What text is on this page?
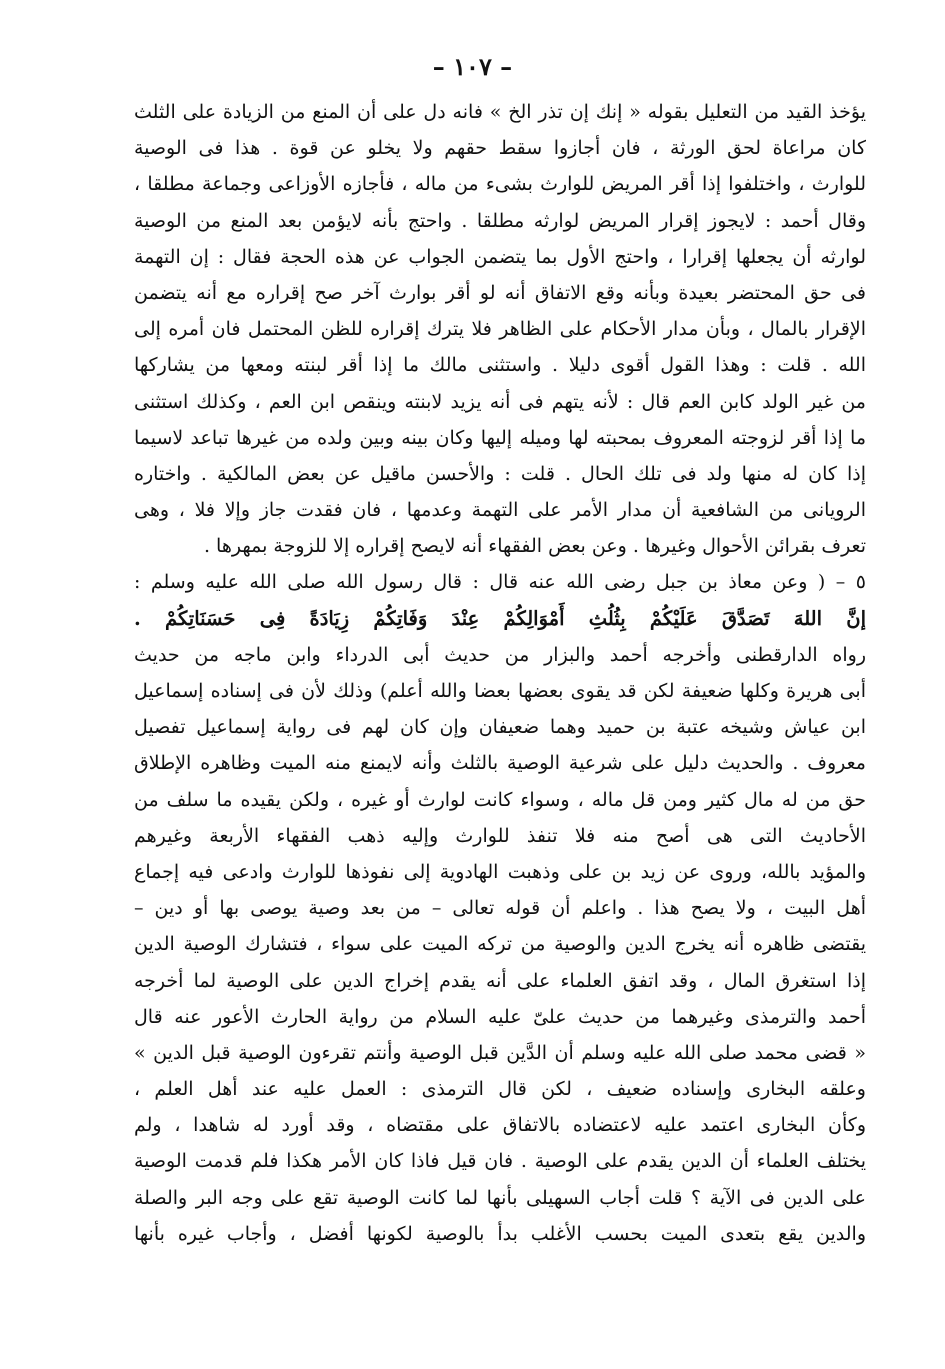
– ١٠٧ –
يؤخذ القيد من التعليل بقوله « إنك إن تذر الخ » فانه دل على أن المنع من الزيادة على الثلث
كان مراعاة لحق الورثة ، فان أجازوا سقط حقهم ولا يخلو عن قوة . هذا فى الوصية
للوارث ، واختلفوا إذا أقر المريض للوارث بشىء من ماله ، فأجازه الأوزاعى وجماعة مطلقا ،
وقال أحمد : لايجوز إقرار المريض لوارثه مطلقا . واحتج بأنه لايؤمن بعد المنع من الوصية
لوارثه أن يجعلها إقرارا ، واحتج الأول بما يتضمن الجواب عن هذه الحجة فقال : إن التهمة
فى حق المحتضر بعيدة وبأنه وقع الاتفاق أنه لو أقر بوارث آخر صح إقراره مع أنه يتضمن
الإقرار بالمال ، وبأن مدار الأحكام على الظاهر فلا يترك إقراره للظن المحتمل فان أمره إلى
الله . قلت : وهذا القول أقوى دليلا . واستثنى مالك ما إذا أقر لبنته ومعها من يشاركها
من غير الولد كابن العم قال : لأنه يتهم فى أنه يزيد لابنته وينقص ابن العم ، وكذلك استثنى
ما إذا أقر لزوجته المعروف بمحبته لها وميله إليها وكان بينه وبين ولده من غيرها تباعد لاسيما
إذا كان له منها ولد فى تلك الحال . قلت : والأحسن ماقيل عن بعض المالكية . واختاره
الرويانى من الشافعية أن مدار الأمر على التهمة وعدمها ، فان فقدت جاز وإلا فلا ، وهى
تعرف بقرائن الأحوال وغيرها . وعن بعض الفقهاء أنه لايصح إقراره إلا للزوجة بمهرها .
٥ – ( وعن معاذ بن جبل رضى الله عنه قال : قال رسول الله صلى الله عليه وسلم :
إنَّ اللهَ تَصَدَّقَ عَلَيْكُمْ بِثُلُثِ أَمْوَالِكُمْ عِنْدَ وَفَاتِكُمْ زِيَادَةً فِى حَسَنَاتِكُمْ .
رواه الدارقطنى وأخرجه أحمد والبزار من حديث أبى الدرداء وابن ماجه من حديث
أبى هريرة وكلها ضعيفة لكن قد يقوى بعضها بعضا والله أعلم) وذلك لأن فى إسناده إسماعيل
ابن عياش وشيخه عتبة بن حميد وهما ضعيفان وإن كان لهم فى رواية إسماعيل تفصيل
معروف . والحديث دليل على شرعية الوصية بالثلث وأنه لايمنع منه الميت وظاهره الإطلاق
حق من له مال كثير ومن قل ماله ، وسواء كانت لوارث أو غيره ، ولكن يقيده ما سلف من
الأحاديث التى هى أصح منه فلا تنفذ للوارث وإليه ذهب الفقهاء الأربعة وغيرهم
والمؤيد بالله، وروى عن زيد بن على وذهبت الهادوية إلى نفوذها للوارث وادعى فيه إجماع
أهل البيت ، ولا يصح هذا . واعلم أن قوله تعالى – من بعد وصية يوصى بها أو دين –
يقتضى ظاهره أنه يخرج الدين والوصية من تركه الميت على سواء ، فتشارك الوصية الدين
إذا استغرق المال ، وقد اتفق العلماء على أنه يقدم إخراج الدين على الوصية لما أخرجه
أحمد والترمذى وغيرهما من حديث علىّ عليه السلام من رواية الحارث الأعور عنه قال
« قضى محمد صلى الله عليه وسلم أن الدَّين قبل الوصية وأنتم تقرءون الوصية قبل الدين »
وعلقه البخارى وإسناده ضعيف ، لكن قال الترمذى : العمل عليه عند أهل العلم ،
وكأن البخارى اعتمد عليه لاعتضاده بالاتفاق على مقتضاه ، وقد أورد له شاهدا ، ولم
يختلف العلماء أن الدين يقدم على الوصية . فان قيل فاذا كان الأمر هكذا فلم قدمت الوصية
على الدين فى الآية ؟ قلت أجاب السهيلى بأنها لما كانت الوصية تقع على وجه البر والصلة
والدين يقع بتعدى الميت بحسب الأغلب بدأ بالوصية لكونها أفضل ، وأجاب غيره بأنها
